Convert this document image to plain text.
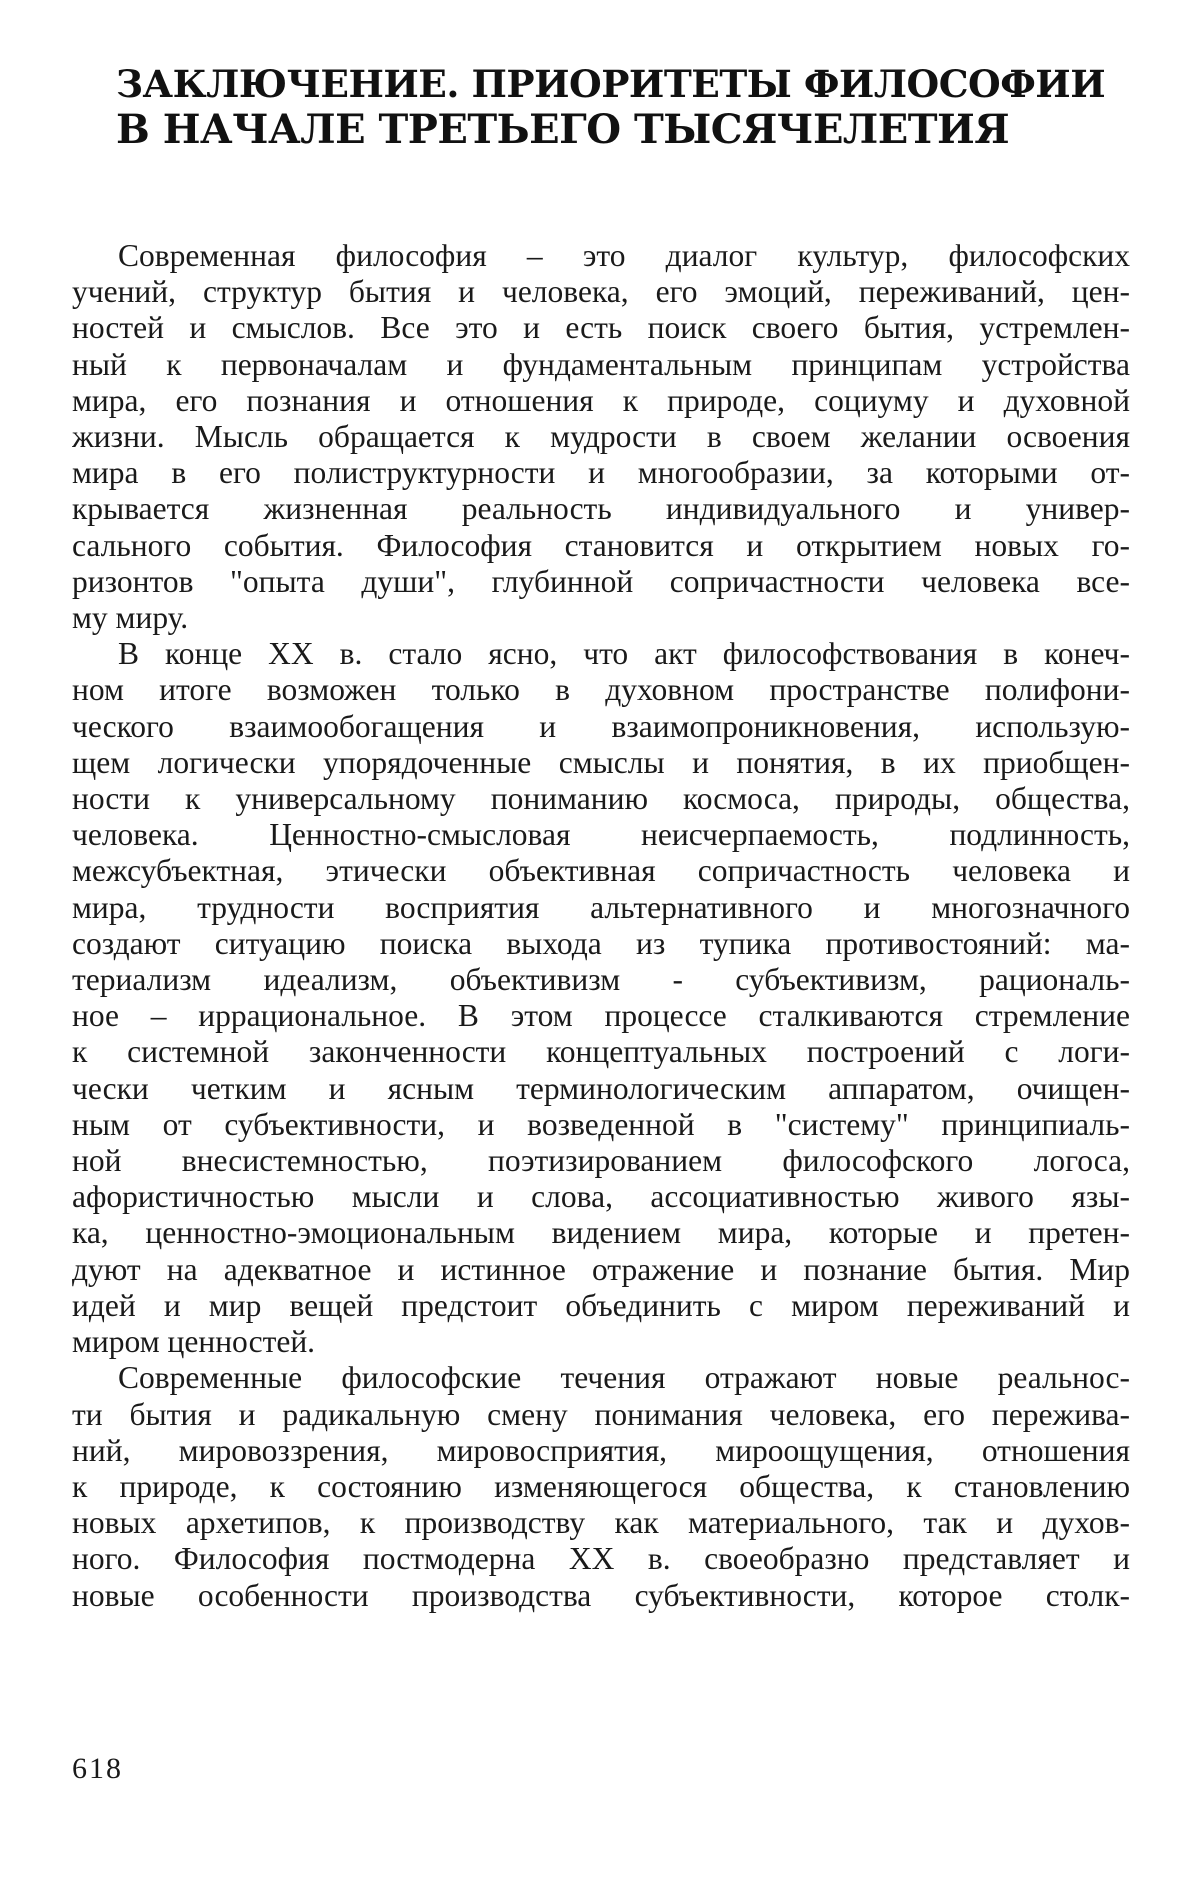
ЗАКЛЮЧЕНИЕ. ПРИОРИТЕТЫ ФИЛОСОФИИ
В НАЧАЛЕ ТРЕТЬЕГО ТЫСЯЧЕЛЕТИЯ

Современная философия – это диалог культур, философских
учений, структур бытия и человека, его эмоций, переживаний, цен-
ностей и смыслов. Все это и есть поиск своего бытия, устремлен-
ный к первоначалам и фундаментальным принципам устройства
мира, его познания и отношения к природе, социуму и духовной
жизни. Мысль обращается к мудрости в своем желании освоения
мира в его полиструктурности и многообразии, за которыми от-
крывается жизненная реальность индивидуального и универ-
сального события. Философия становится и открытием новых го-
ризонтов "опыта души", глубинной сопричастности человека все-
му миру.

В конце XX в. стало ясно, что акт философствования в конеч-
ном итоге возможен только в духовном пространстве полифони-
ческого взаимообогащения и взаимопроникновения, использую-
щем логически упорядоченные смыслы и понятия, в их приобщен-
ности к универсальному пониманию космоса, природы, общества,
человека. Ценностно-смысловая неисчерпаемость, подлинность,
межсубъектная, этически объективная сопричастность человека и
мира, трудности восприятия альтернативного и многозначного
создают ситуацию поиска выхода из тупика противостояний: ма-
териализм идеализм, объективизм - субъективизм, рациональ-
ное – иррациональное. В этом процессе сталкиваются стремление
к системной законченности концептуальных построений с логи-
чески четким и ясным терминологическим аппаратом, очищен-
ным от субъективности, и возведенной в "систему" принципиаль-
ной внесистемностью, поэтизированием философского логоса,
афористичностью мысли и слова, ассоциативностью живого язы-
ка, ценностно-эмоциональным видением мира, которые и претен-
дуют на адекватное и истинное отражение и познание бытия. Мир
идей и мир вещей предстоит объединить с миром переживаний и
миром ценностей.

Современные философские течения отражают новые реальнос-
ти бытия и радикальную смену понимания человека, его пережива-
ний, мировоззрения, мировосприятия, мироощущения, отношения
к природе, к состоянию изменяющегося общества, к становлению
новых архетипов, к производству как материального, так и духов-
ного. Философия постмодерна XX в. своеобразно представляет и
новые особенности производства субъективности, которое столк-

618
